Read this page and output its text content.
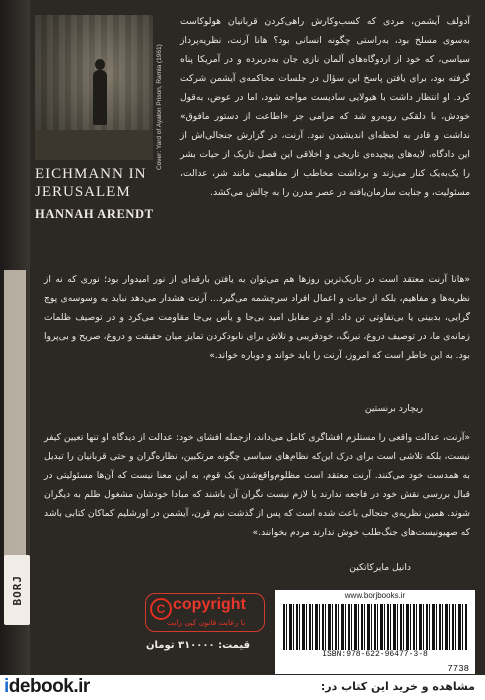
BORJ
Cover: Yard of Ayalon Prison, Ramla (1961)
EICHMANN IN JERUSALEM
HANNAH ARENDT
آدولف آیشمن، مردی که کسب‌وکارش راهی‌کردن قربانیان هولوکاست به‌سوی مسلخ بود، به‌راستی چگونه انسانی بود؟ هانا آرنت، نظریه‌پرداز سیاسی، که خود از اردوگاه‌های آلمان نازی جان به‌دربرده و در آمریکا پناه گرفته بود، برای یافتن پاسخ این سؤال در جلسات محاکمه‌ی آیشمن شرکت کرد. او انتظار داشت با هیولایی سادیست مواجه شود، اما در عوض، به‌قول خودش، با دلقکی روبه‌رو شد که مرامی جز «اطاعت از دستور مافوق» نداشت و قادر به لحظه‌ای اندیشیدن نبود. آرنت، در گزارش جنجالی‌اش از این دادگاه، لایه‌های پیچیده‌ی تاریخی و اخلاقی این فصل تاریک از حیات بشر را یک‌به‌یک کنار می‌زند و برداشت مخاطب از مفاهیمی مانند شر، عدالت، مسئولیت، و جنایت سازمان‌یافته در عصر مدرن را به چالش می‌کشد.
«هانا آرنت معتقد است در تاریک‌ترین روزها هم می‌توان به یافتن بارقه‌ای از نور امیدوار بود؛ نوری که نه از نظریه‌ها و مفاهیم، بلکه از حیات و اعمال افراد سرچشمه می‌گیرد... آرنت هشدار می‌دهد نباید به وسوسه‌ی پوچ گرایی، بدبینی یا بی‌تفاوتی تن داد. او در مقابل امید بی‌جا و یأس بی‌جا مقاومت می‌کرد و در توصیف ظلمات زمانه‌ی ما، در توصیف دروغ، نیرنگ، خودفریبی و تلاش برای نابودکردن تمایز میان حقیقت و دروغ، صریح و بی‌پروا بود. به این خاطر است که امروز، آرنت را باید خواند و دوباره خواند.»
ریچارد برنستین
«آرنت، عدالت واقعی را مستلزم افشاگری کامل می‌داند، ازجمله افشای خود: عدالت از دیدگاه او تنها تعیین کیفر نیست، بلکه تلاشی است برای درک این‌که نظام‌های سیاسی چگونه مرتکبین، نظاره‌گران و حتی قربانیان را تبدیل به همدست خود می‌کنند. آرنت معتقد است مظلوم‌واقع‌شدن یک قوم، به این معنا نیست که آن‌ها مسئولیتی در قبال بررسی نقش خود در فاجعه ندارند یا لازم نیست نگران آن باشند که مبادا خودشان مشغول ظلم به دیگران شوند. همین نظریه‌ی جنجالی باعث شده است که پس از گذشت نیم قرن، آیشمن در اورشلیم کماکان کتابی باشد که صهیونیست‌های جنگ‌طلب خوش ندارند مردم بخوانند.»
دانیل مایرکاتکین
C copyright
با رعایت قانون کپی رایت
www.borjbooks.ir
ISBN:978-622-96477-3-8
7738
قیمت: ۳۱۰۰۰۰ تومان
idebook.ir	مشاهده و خرید این کتاب در:
